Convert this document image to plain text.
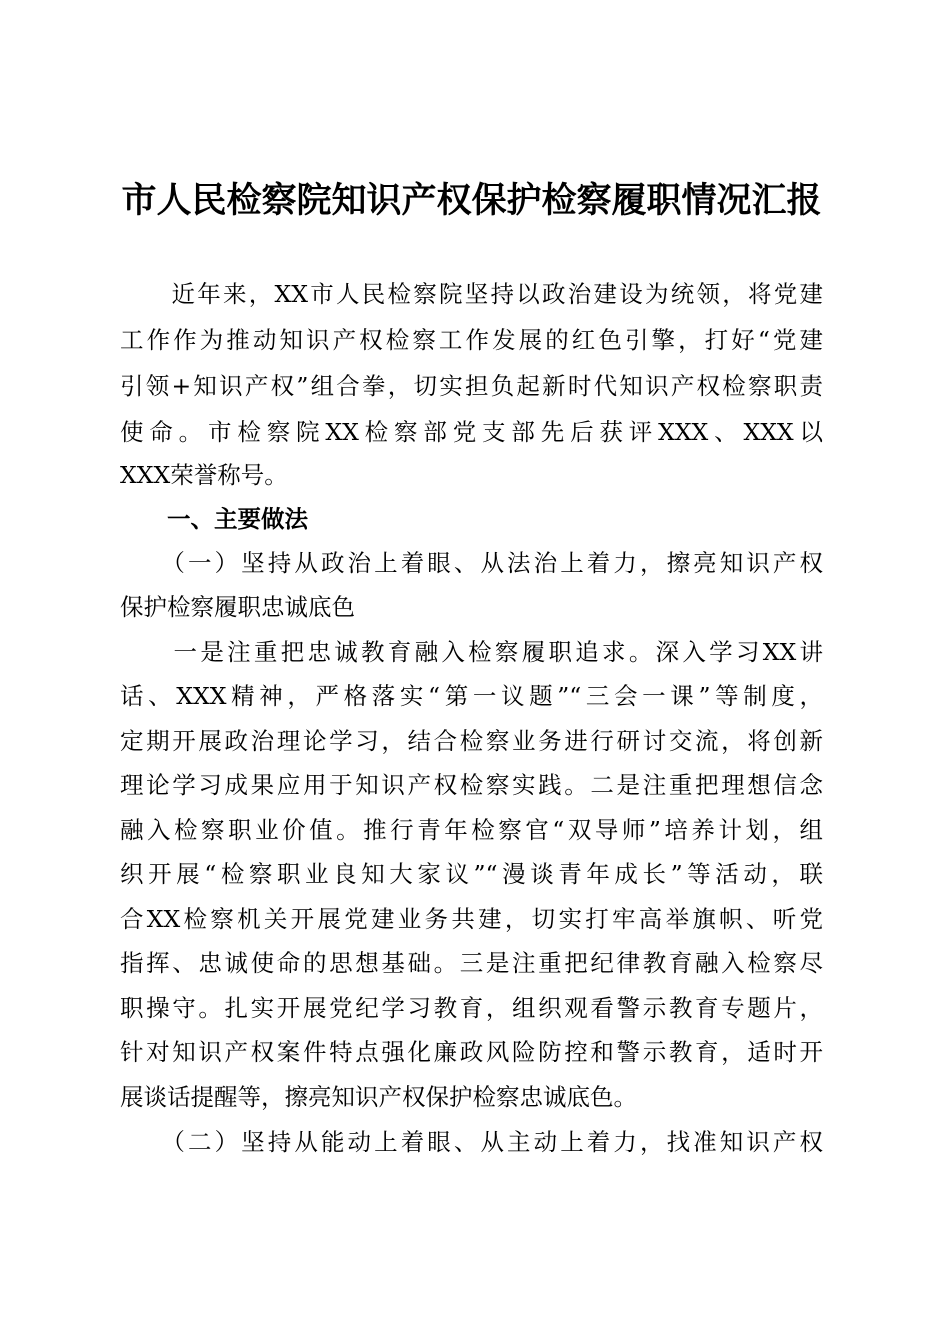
市人民检察院知识产权保护检察履职情况汇报

　　近年来，XX市人民检察院坚持以政治建设为统领，将党建

工作作为推动知识产权检察工作发展的红色引擎，打好“党建

引领+知识产权”组合拳，切实担负起新时代知识产权检察职责

使命。市检察院XX检察部党支部先后获评XXX、XXX以

XXX荣誉称号。

　　一、主要做法

　　（一）坚持从政治上着眼、从法治上着力，擦亮知识产权

保护检察履职忠诚底色

　　一是注重把忠诚教育融入检察履职追求。深入学习XX讲

话、XXX精神，严格落实“第一议题”“三会一课”等制度，

定期开展政治理论学习，结合检察业务进行研讨交流，将创新

理论学习成果应用于知识产权检察实践。二是注重把理想信念

融入检察职业价值。推行青年检察官“双导师”培养计划，组

织开展“检察职业良知大家议”“漫谈青年成长”等活动，联

合XX检察机关开展党建业务共建，切实打牢高举旗帜、听党

指挥、忠诚使命的思想基础。三是注重把纪律教育融入检察尽

职操守。扎实开展党纪学习教育，组织观看警示教育专题片，

针对知识产权案件特点强化廉政风险防控和警示教育，适时开

展谈话提醒等，擦亮知识产权保护检察忠诚底色。

　　（二）坚持从能动上着眼、从主动上着力，找准知识产权
